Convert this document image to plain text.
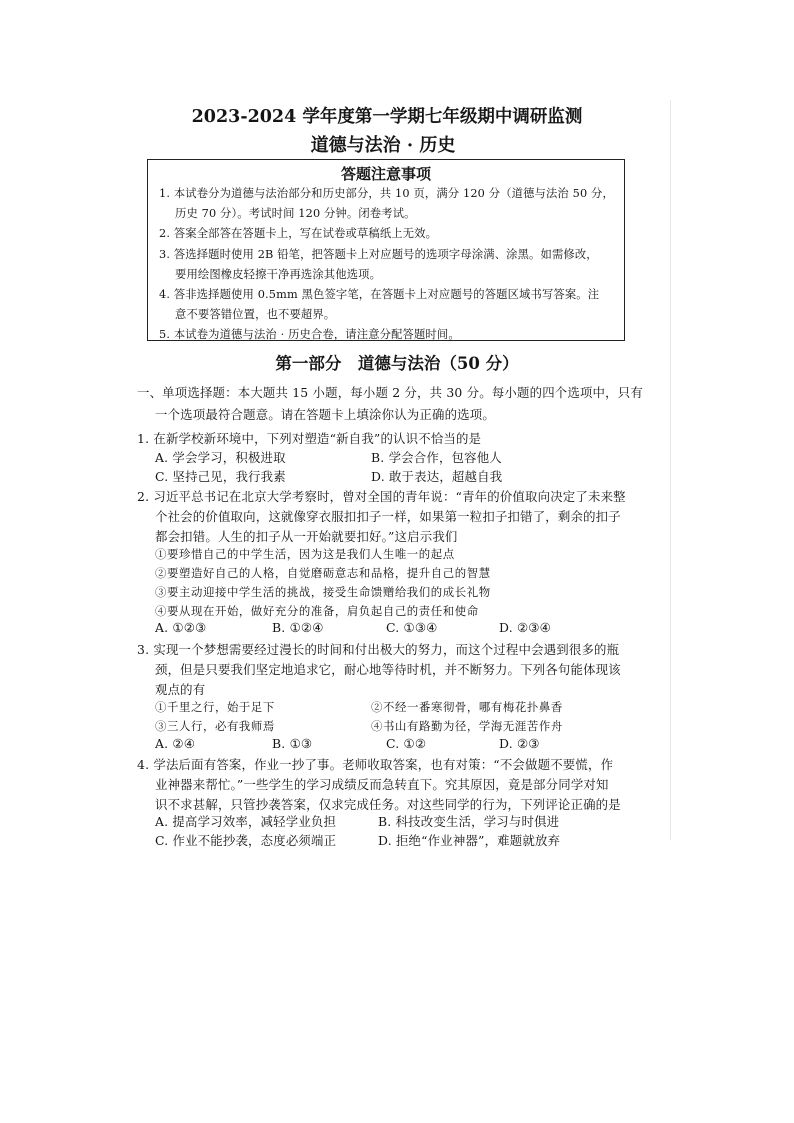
2023-2024 学年度第一学期七年级期中调研监测
道德与法治 · 历史
答题注意事项
1. 本试卷分为道德与法治部分和历史部分，共 10 页，满分 120 分（道德与法治 50 分，
历史 70 分）。考试时间 120 分钟。闭卷考试。
2. 答案全部答在答题卡上，写在试卷或草稿纸上无效。
3. 答选择题时使用 2B 铅笔，把答题卡上对应题号的选项字母涂满、涂黑。如需修改，
要用绘图橡皮轻擦干净再选涂其他选项。
4. 答非选择题使用 0.5mm 黑色签字笔，在答题卡上对应题号的答题区域书写答案。注
意不要答错位置，也不要超界。
5. 本试卷为道德与法治 · 历史合卷，请注意分配答题时间。
第一部分　道德与法治（50 分）
一、单项选择题：本大题共 15 小题，每小题 2 分，共 30 分。每小题的四个选项中，只有
一个选项最符合题意。请在答题卡上填涂你认为正确的选项。
1. 在新学校新环境中，下列对塑造“新自我”的认识不恰当的是
A. 学会学习，积极进取	B. 学会合作，包容他人
C. 坚持己见，我行我素	D. 敢于表达，超越自我
2. 习近平总书记在北京大学考察时，曾对全国的青年说：“青年的价值取向决定了未来整
个社会的价值取向，这就像穿衣服扣扣子一样，如果第一粒扣子扣错了，剩余的扣子
都会扣错。人生的扣子从一开始就要扣好。”这启示我们
①要珍惜自己的中学生活，因为这是我们人生唯一的起点
②要塑造好自己的人格，自觉磨砺意志和品格，提升自己的智慧
③要主动迎接中学生活的挑战，接受生命馈赠给我们的成长礼物
④要从现在开始，做好充分的准备，肩负起自己的责任和使命
A. ①②③	B. ①②④	C. ①③④	D. ②③④
3. 实现一个梦想需要经过漫长的时间和付出极大的努力，而这个过程中会遇到很多的瓶
颈，但是只要我们坚定地追求它，耐心地等待时机，并不断努力。下列各句能体现该
观点的有
①千里之行，始于足下	②不经一番寒彻骨，哪有梅花扑鼻香
③三人行，必有我师焉	④书山有路勤为径，学海无涯苦作舟
A. ②④	B. ①③	C. ①②	D. ②③
4. 学法后面有答案，作业一抄了事。老师收取答案，也有对策：“不会做题不要慌，作
业神器来帮忙。”一些学生的学习成绩反而急转直下。究其原因，竟是部分同学对知
识不求甚解，只管抄袭答案，仅求完成任务。对这些同学的行为，下列评论正确的是
A. 提高学习效率，减轻学业负担	B. 科技改变生活，学习与时俱进
C. 作业不能抄袭，态度必须端正	D. 拒绝“作业神器”，难题就放弃
